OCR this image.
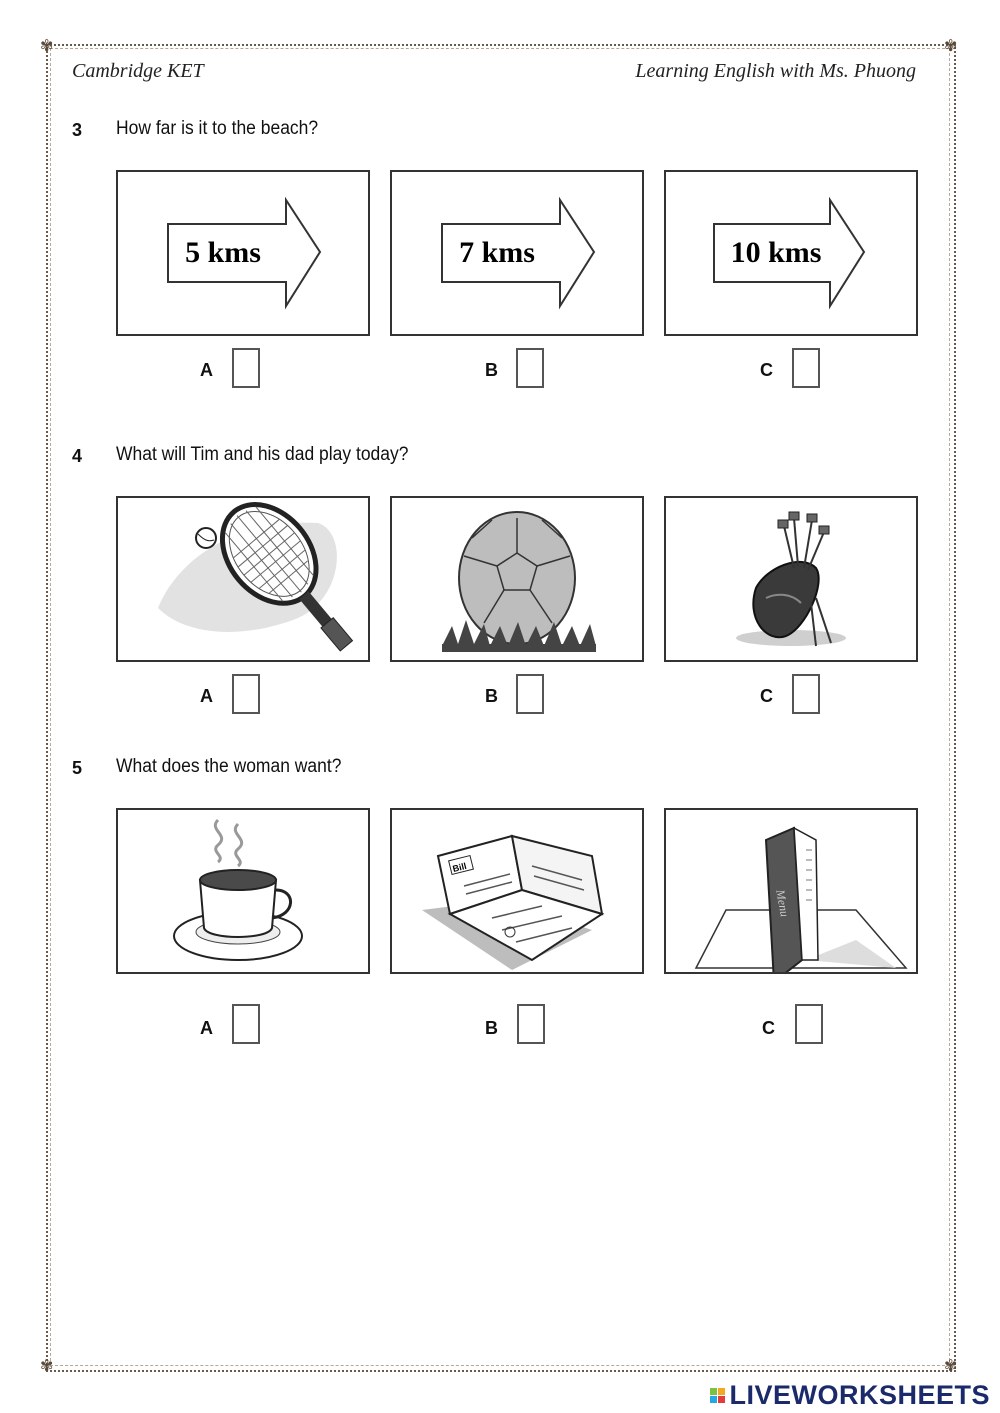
✾	✾
✾	✾
Cambridge KET	Learning English with Ms. Phuong
3 How far is it to the beach?
5 kms	7 kms	10 kms
A	B	C
4 What will Tim and his dad play today?
A	B	C
5 What does the woman want?
Bill
Menu
A	B	C
LIVEWORKSHEETS
